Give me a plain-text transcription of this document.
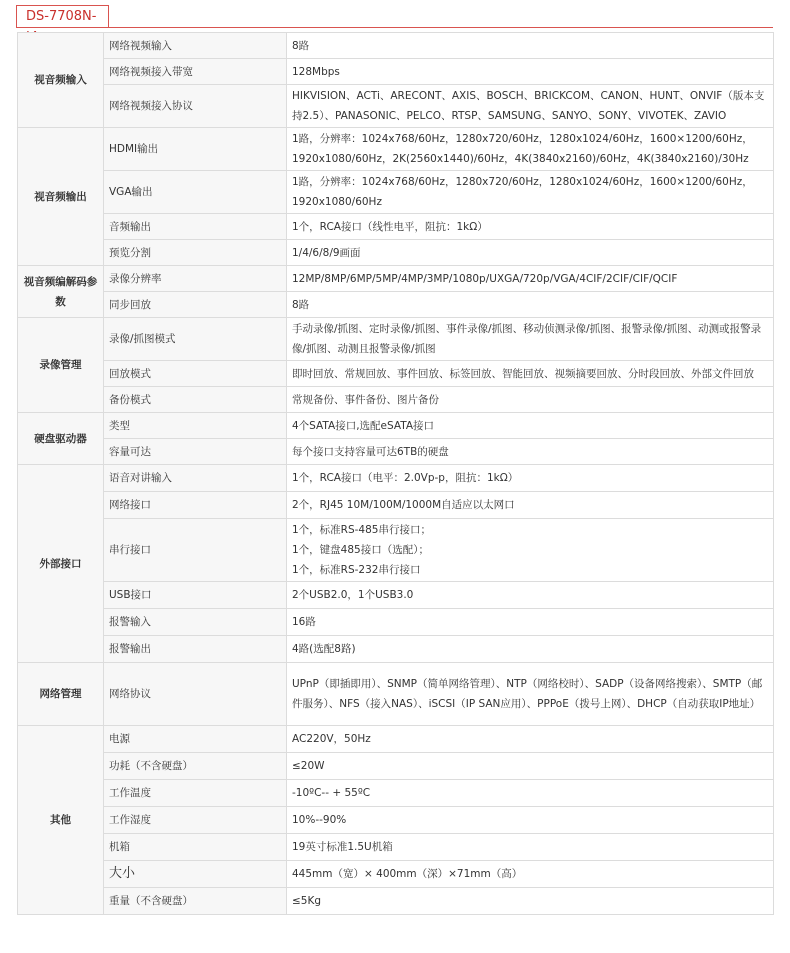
DS-7708N-
视音频输入	网络视频输入	8路
	网络视频接入带宽	128Mbps
	网络视频接入协议	HIKVISION、ACTi、ARECONT、AXIS、BOSCH、BRICKCOM、CANON、HUNT、ONVIF（版本支持2.5）、PANASONIC、PELCO、RTSP、SAMSUNG、SANYO、SONY、VIVOTEK、ZAVIO
视音频输出	HDMI输出	1路，分辨率：1024x768/60Hz，1280x720/60Hz，1280x1024/60Hz，1600×1200/60Hz，1920x1080/60Hz，2K(2560x1440)/60Hz，4K(3840x2160)/60Hz，4K(3840x2160)/30Hz
	VGA输出	1路，分辨率：1024x768/60Hz，1280x720/60Hz，1280x1024/60Hz，1600×1200/60Hz，1920x1080/60Hz
	音频输出	1个，RCA接口（线性电平，阻抗：1kΩ）
	预览分割	1/4/6/8/9画面
视音频编解码参数	录像分辨率	12MP/8MP/6MP/5MP/4MP/3MP/1080p/UXGA/720p/VGA/4CIF/2CIF/CIF/QCIF
	同步回放	8路
录像管理	录像/抓图模式	手动录像/抓图、定时录像/抓图、事件录像/抓图、移动侦测录像/抓图、报警录像/抓图、动测或报警录像/抓图、动测且报警录像/抓图
	回放模式	即时回放、常规回放、事件回放、标签回放、智能回放、视频摘要回放、分时段回放、外部文件回放
	备份模式	常规备份、事件备份、图片备份
硬盘驱动器	类型	4个SATA接口,选配eSATA接口
	容量可达	每个接口支持容量可达6TB的硬盘
外部接口	语音对讲输入	1个，RCA接口（电平：2.0Vp-p，阻抗：1kΩ）
	网络接口	2个，RJ45 10M/100M/1000M自适应以太网口
	串行接口	1个，标准RS-485串行接口；
1个，键盘485接口（选配）；
1个，标准RS-232串行接口
	USB接口	2个USB2.0，1个USB3.0
	报警输入	16路
	报警输出	4路(选配8路)
网络管理	网络协议	UPnP（即插即用）、SNMP（简单网络管理）、NTP（网络校时）、SADP（设备网络搜索）、SMTP（邮件服务）、NFS（接入NAS）、iSCSI（IP SAN应用）、PPPoE（拨号上网）、DHCP（自动获取IP地址）
其他	电源	AC220V，50Hz
	功耗（不含硬盘）	≤20W
	工作温度	-10ºC-- + 55ºC
	工作湿度	10%--90%
	机箱	19英寸标准1.5U机箱
	大小	445mm（宽）× 400mm（深）×71mm（高）
	重量（不含硬盘）	≤5Kg
